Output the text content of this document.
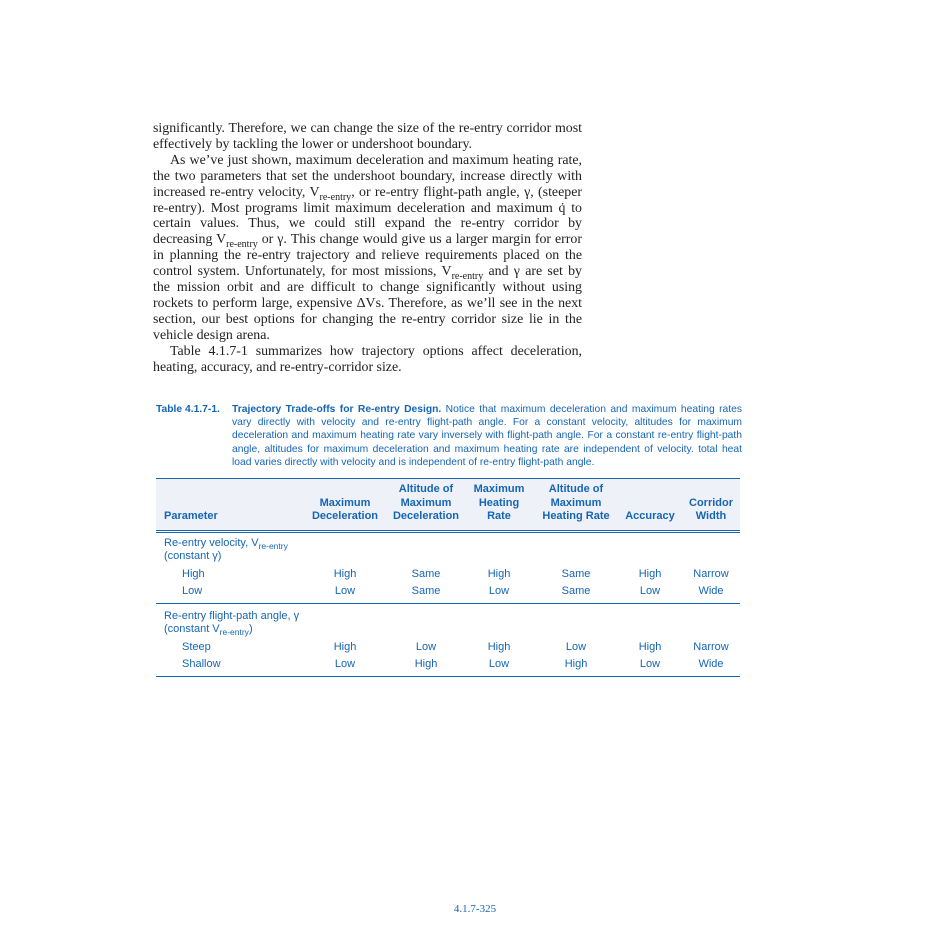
significantly. Therefore, we can change the size of the re-entry corridor most effectively by tackling the lower or undershoot boundary.

As we’ve just shown, maximum deceleration and maximum heating rate, the two parameters that set the undershoot boundary, increase directly with increased re-entry velocity, $V_{re-entry}$, or re-entry flight-path angle, γ, (steeper re-entry). Most programs limit maximum deceleration and maximum q̇ to certain values. Thus, we could still expand the re-entry corridor by decreasing $V_{re-entry}$ or γ. This change would give us a larger margin for error in planning the re-entry trajectory and relieve requirements placed on the control system. Unfortunately, for most missions, $V_{re-entry}$ and γ are set by the mission orbit and are difficult to change significantly without using rockets to perform large, expensive ΔVs. Therefore, as we’ll see in the next section, our best options for changing the re-entry corridor size lie in the vehicle design arena.

Table 4.1.7-1 summarizes how trajectory options affect deceleration, heating, accuracy, and re-entry-corridor size.

Table 4.1.7-1.	Trajectory Trade-offs for Re-entry Design. Notice that maximum deceleration and maximum heating rates vary directly with velocity and re-entry flight-path angle. For a constant velocity, altitudes for maximum deceleration and maximum heating rate vary inversely with flight-path angle. For a constant re-entry flight-path angle, altitudes for maximum deceleration and maximum heating rate are independent of velocity. total heat load varies directly with velocity and is independent of re-entry flight-path angle.
Parameter	Maximum Deceleration	Altitude of Maximum Deceleration	Maximum Heating Rate	Altitude of Maximum Heating Rate	Accuracy	Corridor Width
Re-entry velocity, $V_{re-entry}$
(constant γ)						
High	High	Same	High	Same	High	Narrow
Low	Low	Same	Low	Same	Low	Wide
Re-entry flight-path angle, γ
(constant $V_{re-entry}$)						
Steep	High	Low	High	Low	High	Narrow
Shallow	Low	High	Low	High	Low	Wide
4.1.7-325
